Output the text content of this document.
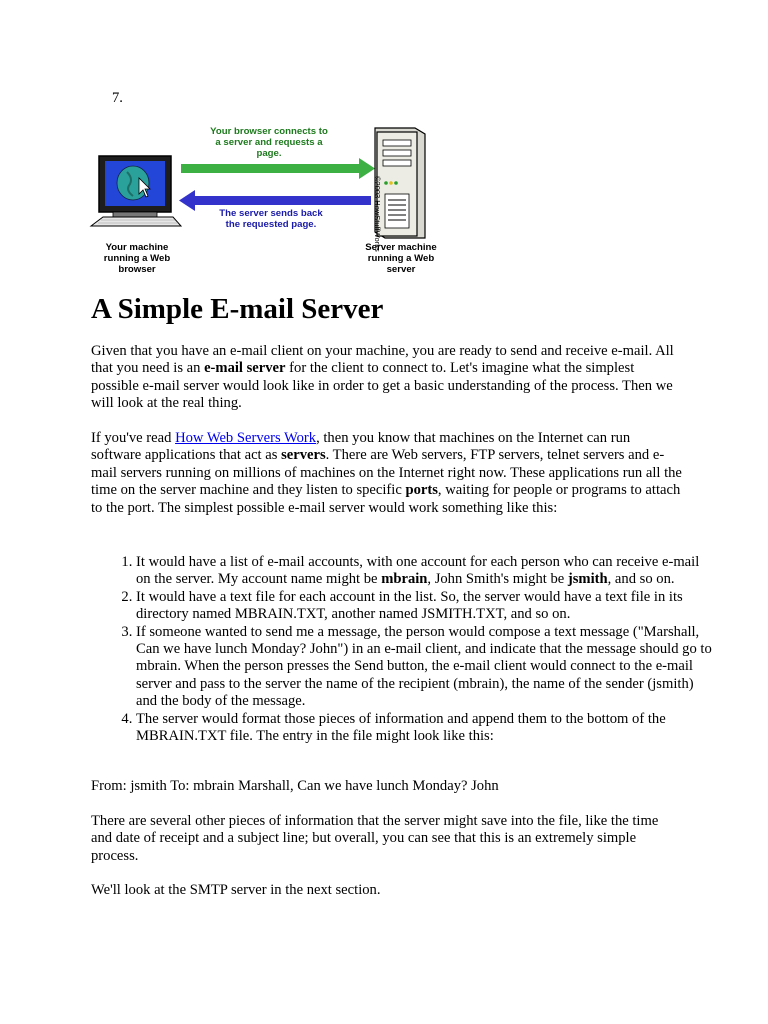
7.
Your browser connects to a server and requests a page.
The server sends back the requested page.
Your machine running a Web browser
Server machine running a Web server
©2003 HowStuffWorks
A Simple E-mail Server

Given that you have an e-mail client on your machine, you are ready to send and receive e-mail. All that you need is an e-mail server for the client to connect to. Let's imagine what the simplest possible e-mail server would look like in order to get a basic understanding of the process. Then we will look at the real thing.

If you've read How Web Servers Work, then you know that machines on the Internet can run software applications that act as servers. There are Web servers, FTP servers, telnet servers and e-mail servers running on millions of machines on the Internet right now. These applications run all the time on the server machine and they listen to specific ports, waiting for people or programs to attach to the port. The simplest possible e-mail server would work something like this:

1. It would have a list of e-mail accounts, with one account for each person who can receive e-mail on the server. My account name might be mbrain, John Smith's might be jsmith, and so on.
2. It would have a text file for each account in the list. So, the server would have a text file in its directory named MBRAIN.TXT, another named JSMITH.TXT, and so on.
3. If someone wanted to send me a message, the person would compose a text message ("Marshall, Can we have lunch Monday? John") in an e-mail client, and indicate that the message should go to mbrain. When the person presses the Send button, the e-mail client would connect to the e-mail server and pass to the server the name of the recipient (mbrain), the name of the sender (jsmith) and the body of the message.
4. The server would format those pieces of information and append them to the bottom of the MBRAIN.TXT file. The entry in the file might look like this:

From: jsmith To: mbrain Marshall, Can we have lunch Monday? John

There are several other pieces of information that the server might save into the file, like the time and date of receipt and a subject line; but overall, you can see that this is an extremely simple process.

We'll look at the SMTP server in the next section.
